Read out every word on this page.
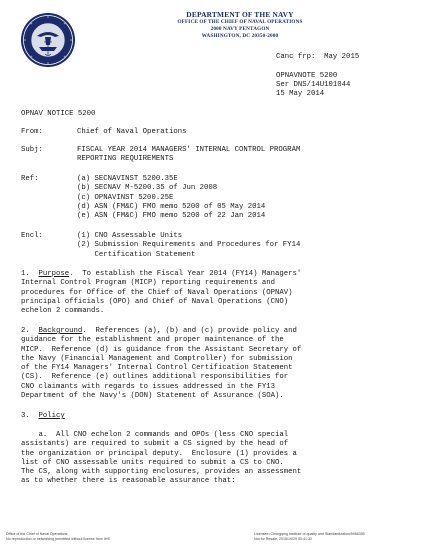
DEPARTMENT OF THE NAVY
OFFICE OF THE CHIEF OF NAVAL OPERATIONS
2000 NAVY PENTAGON
WASHINGTON, DC 20350-2000
Canc frp:  May 2015
OPNAVNOTE 5200
Ser DNS/14U101044
15 May 2014
OPNAV NOTICE 5200
From:	Chief of Naval Operations
Subj:	FISCAL YEAR 2014 MANAGERS' INTERNAL CONTROL PROGRAM
REPORTING REQUIREMENTS
Ref:	(a) SECNAVINST 5200.35E
(b) SECNAV M-5200.35 of Jun 2008
(c) OPNAVINST 5200.25E
(d) ASN (FM&C) FMO memo 5200 of 05 May 2014
(e) ASN (FM&C) FMO memo 5200 of 22 Jan 2014
Encl:	(1) CNO Assessable Units
(2) Submission Requirements and Procedures for FY14
Certification Statement
1.  Purpose.  To establish the Fiscal Year 2014 (FY14) Managers'
Internal Control Program (MICP) reporting requirements and
procedures for Office of the Chief of Naval Operations (OPNAV)
principal officials (OPO) and Chief of Naval Operations (CNO)
echelon 2 commands.
2.  Background.  References (a), (b) and (c) provide policy and
guidance for the establishment and proper maintenance of the
MICP.  Reference (d) is guidance from the Assistant Secretary of
the Navy (Financial Management and Comptroller) for submission
of the FY14 Managers' Internal Control Certification Statement
(CS).  Reference (e) outlines additional responsibilities for
CNO claimants with regards to issues addressed in the FY13
Department of the Navy's (DON) Statement of Assurance (SOA).
3.  Policy
a.  All CNO echelon 2 commands and OPOs (less CNO special
assistants) are required to submit a CS signed by the head of
the organization or principal deputy.  Enclosure (1) provides a
list of CNO assessable units required to submit a CS to CNO.
The CS, along with supporting enclosures, provides an assessment
as to whether there is reasonable assurance that:
Office of the Chief of Naval Operations
No reproduction or networking permitted without license from IHS
Licensee=Chongqing Institute of quality and Standardization/5966390
Not for Resale, 2015/10/29 00:41:32
